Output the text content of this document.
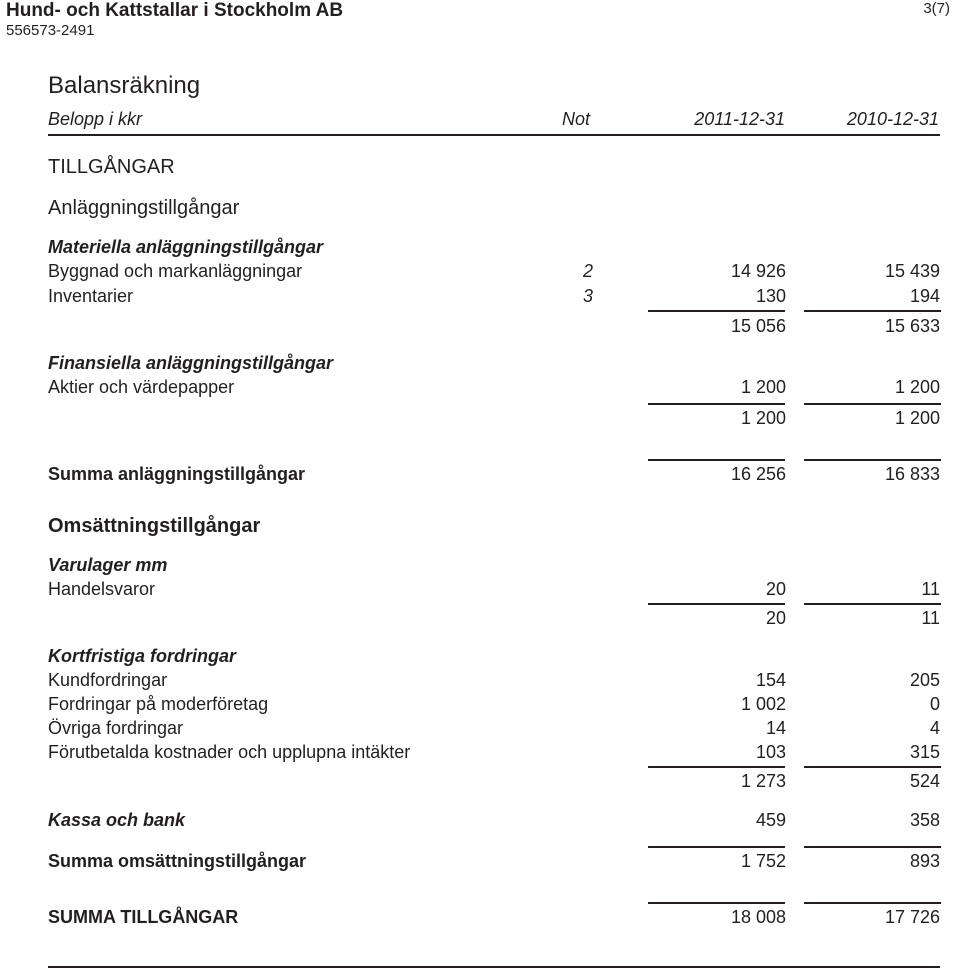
Hund- och Kattstallar i Stockholm AB
556573-2491
3(7)
Balansräkning
Belopp i kkr	Not	2011-12-31	2010-12-31
TILLGÅNGAR
Anläggningstillgångar
Materiella anläggningstillgångar
Byggnad och markanläggningar	2	14 926	15 439
Inventarier	3	130	194
15 056	15 633
Finansiella anläggningstillgångar
Aktier och värdepapper	1 200	1 200
1 200	1 200
Summa anläggningstillgångar	16 256	16 833
Omsättningstillgångar
Varulager mm
Handelsvaror	20	11
20	11
Kortfristiga fordringar
Kundfordringar	154	205
Fordringar på moderföretag	1 002	0
Övriga fordringar	14	4
Förutbetalda kostnader och upplupna intäkter	103	315
1 273	524
Kassa och bank	459	358
Summa omsättningstillgångar	1 752	893
SUMMA TILLGÅNGAR	18 008	17 726
